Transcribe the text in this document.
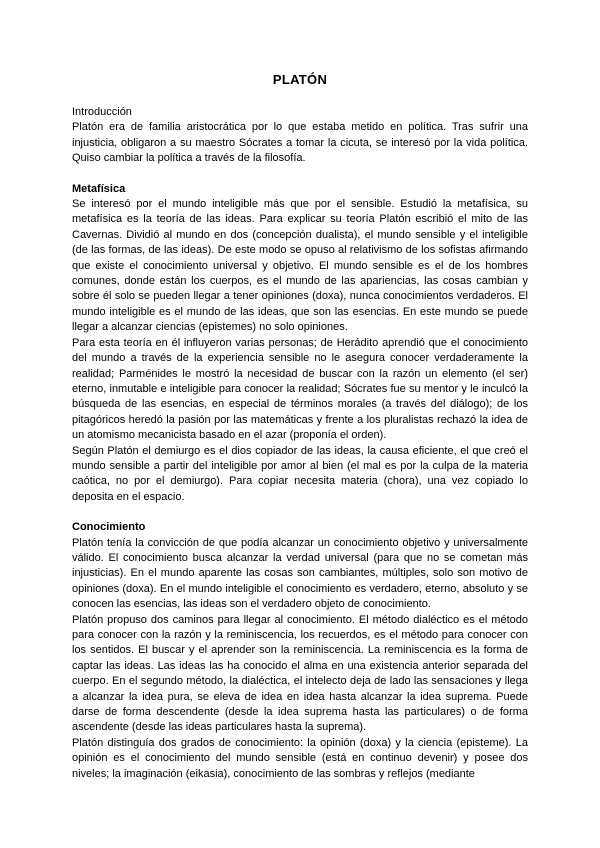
PLATÓN
Introducción

Platón era de familia aristocrática por lo que estaba metido en política. Tras sufrir una injusticia, obligaron a su maestro Sócrates a tomar la cicuta, se interesó por la vida política. Quiso cambiar la política a través de la filosofía.

Metafísica

Se interesó por el mundo inteligible más que por el sensible. Estudió la metafísica, su metafísica es la teoría de las ideas. Para explicar su teoría Platón escribió el mito de las Cavernas. Dividió al mundo en dos (concepción dualista), el mundo sensible y el inteligible (de las formas, de las ideas). De este modo se opuso al relativismo de los sofistas afirmando que existe el conocimiento universal y objetivo. El mundo sensible es el de los hombres comunes, donde están los cuerpos, es el mundo de las apariencias, las cosas cambian y sobre él solo se pueden llegar a tener opiniones (doxa), nunca conocimientos verdaderos. El mundo inteligible es el mundo de las ideas, que son las esencias. En este mundo se puede llegar a alcanzar ciencias (epistemes) no solo opiniones.

Para esta teoría en él influyeron varias personas; de Herádito aprendió que el conocimiento del mundo a través de la experiencia sensible no le asegura conocer verdaderamente la realidad; Parménides le mostró la necesidad de buscar con la razón un elemento (el ser) eterno, inmutable e inteligible para conocer la realidad; Sócrates fue su mentor y le inculcó la búsqueda de las esencias, en especial de términos morales (a través del diálogo); de los pitagóricos heredó la pasión por las matemáticas y frente a los pluralistas rechazó la idea de un atomismo mecanicista basado en el azar (proponía el orden).

Según Platón el demiurgo es el dios copiador de las ideas, la causa eficiente, el que creó el mundo sensible a partir del inteligible por amor al bien (el mal es por la culpa de la materia caótica, no por el demiurgo). Para copiar necesita materia (chora), una vez copiado lo deposita en el espacio.

Conocimiento

Platón tenía la convicción de que podía alcanzar un conocimiento objetivo y universalmente válido. El conocimiento busca alcanzar la verdad universal (para que no se cometan más injusticias). En el mundo aparente las cosas son cambiantes, múltiples, solo son motivo de opiniones (doxa). En el mundo inteligible el conocimiento es verdadero, eterno, absoluto y se conocen las esencias, las ideas son el verdadero objeto de conocimiento.

Platón propuso dos caminos para llegar al conocimiento. El método dialéctico es el método para conocer con la razón y la reminiscencia, los recuerdos, es el método para conocer con los sentidos. El buscar y el aprender son la reminiscencia. La reminiscencia es la forma de captar las ideas. Las ideas las ha conocido el alma en una existencia anterior separada del cuerpo. En el segundo método, la dialéctica, el intelecto deja de lado las sensaciones y llega a alcanzar la idea pura, se eleva de idea en idea hasta alcanzar la idea suprema. Puede darse de forma descendente (desde la idea suprema hasta las particulares) o de forma ascendente (desde las ideas particulares hasta la suprema).

Platón distinguía dos grados de conocimiento: la opinión (doxa) y la ciencia (episteme). La opinión es el conocimiento del mundo sensible (está en continuo devenir) y posee dos niveles; la imaginación (eikasia), conocimiento de las sombras y reflejos (mediante
